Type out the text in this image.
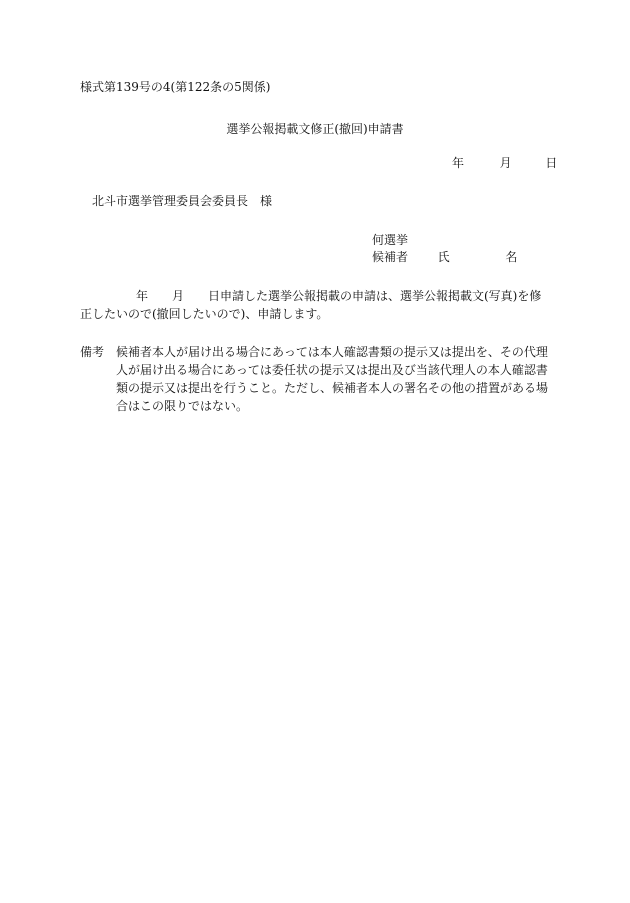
様式第139号の4(第122条の5関係)
選挙公報掲載文修正(撤回)申請書
年	月	日
北斗市選挙管理委員会委員長　様
何選挙
候補者 氏	名
年　　月　　日申請した選挙公報掲載の申請は、選挙公報掲載文(写真)を修正したいので(撤回したいので)、申請します。
備考	候補者本人が届け出る場合にあっては本人確認書類の提示又は提出を、その代理人が届け出る場合にあっては委任状の提示又は提出及び当該代理人の本人確認書類の提示又は提出を行うこと。ただし、候補者本人の署名その他の措置がある場合はこの限りではない。
